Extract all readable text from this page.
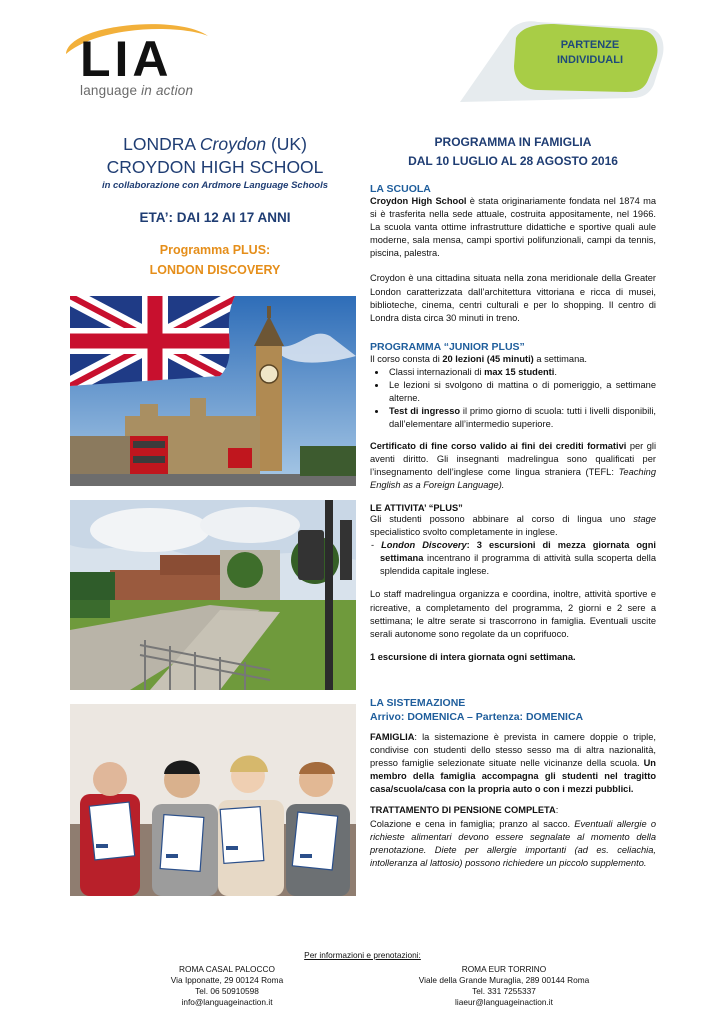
LIA
language in action
PARTENZE
INDIVIDUALI
LONDRA Croydon (UK)
CROYDON HIGH SCHOOL
in collaborazione con Ardmore Language Schools
ETA’: DAI 12 AI 17 ANNI
Programma PLUS:
LONDON DISCOVERY
PROGRAMMA IN FAMIGLIA
DAL 10 LUGLIO AL 28 AGOSTO 2016
LA SCUOLA
Croydon High School è stata originariamente fondata nel 1874 ma si è trasferita nella sede attuale, costruita appositamente, nel 1966. La scuola vanta ottime infrastrutture didattiche e sportive quali aule moderne, sala mensa, campi sportivi polifunzionali, campi da tennis, piscina, palestra.
Croydon è una cittadina situata nella zona meridionale della Greater London caratterizzata dall’architettura vittoriana e ricca di musei, biblioteche, cinema, centri culturali e per lo shopping. Il centro di Londra dista circa 30 minuti in treno.
PROGRAMMA “JUNIOR PLUS”
Il corso consta di 20 lezioni (45 minuti) a settimana.
• Classi internazionali di max 15 studenti.
• Le lezioni si svolgono di mattina o di pomeriggio, a settimane alterne.
• Test di ingresso il primo giorno di scuola: tutti i livelli disponibili, dall’elementare all’intermedio superiore.
Certificato di fine corso valido ai fini dei crediti formativi per gli aventi diritto. Gli insegnanti madrelingua sono qualificati per l’insegnamento dell’inglese come lingua straniera (TEFL: Teaching English as a Foreign Language).
LE ATTIVITA’ “PLUS”
Gli studenti possono abbinare al corso di lingua uno stage specialistico svolto completamente in inglese.
- London Discovery: 3 escursioni di mezza giornata ogni settimana incentrano il programma di attività sulla scoperta della splendida capitale inglese.
Lo staff madrelingua organizza e coordina, inoltre, attività sportive e ricreative, a completamento del programma, 2 giorni e 2 sere a settimana; le altre serate si trascorrono in famiglia. Eventuali uscite serali autonome sono regolate da un coprifuoco.
1 escursione di intera giornata ogni settimana.
LA SISTEMAZIONE
Arrivo: DOMENICA – Partenza: DOMENICA
FAMIGLIA: la sistemazione è prevista in camere doppie o triple, condivise con studenti dello stesso sesso ma di altra nazionalità, presso famiglie selezionate situate nelle vicinanze della scuola. Un membro della famiglia accompagna gli studenti nel tragitto casa/scuola/casa con la propria auto o con i mezzi pubblici.
TRATTAMENTO DI PENSIONE COMPLETA:
Colazione e cena in famiglia; pranzo al sacco. Eventuali allergie o richieste alimentari devono essere segnalate al momento della prenotazione. Diete per allergie importanti (ad es. celiachia, intolleranza al lattosio) possono richiedere un piccolo supplemento.
Per informazioni e prenotazioni:
ROMA CASAL PALOCCO
Via Ipponatte, 29 00124 Roma
Tel. 06 50910598
info@languageinaction.it
ROMA EUR TORRINO
Viale della Grande Muraglia, 289 00144 Roma
Tel. 331 7255337
liaeur@languageinaction.it
